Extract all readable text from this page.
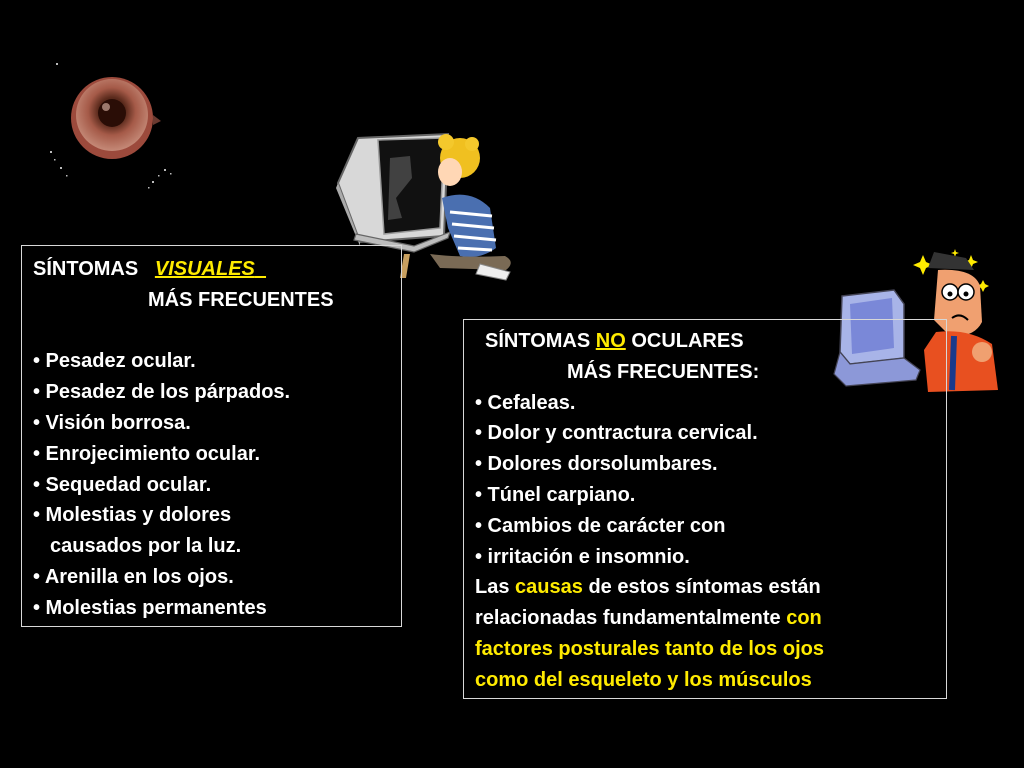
SÍNTOMAS VISUALES
MÁS FRECUENTES
• Pesadez ocular.
• Pesadez de los párpados.
• Visión borrosa.
• Enrojecimiento ocular.
• Sequedad ocular.
• Molestias y dolores
causados por la luz.
• Arenilla en los ojos.
• Molestias permanentes
SÍNTOMAS NO OCULARES
MÁS FRECUENTES:
• Cefaleas.
• Dolor y contractura cervical.
• Dolores dorsolumbares.
• Túnel carpiano.
• Cambios de carácter con
• irritación e insomnio.
Las causas de estos síntomas están
relacionadas fundamentalmente con
factores posturales tanto de los ojos
como del esqueleto y los músculos
